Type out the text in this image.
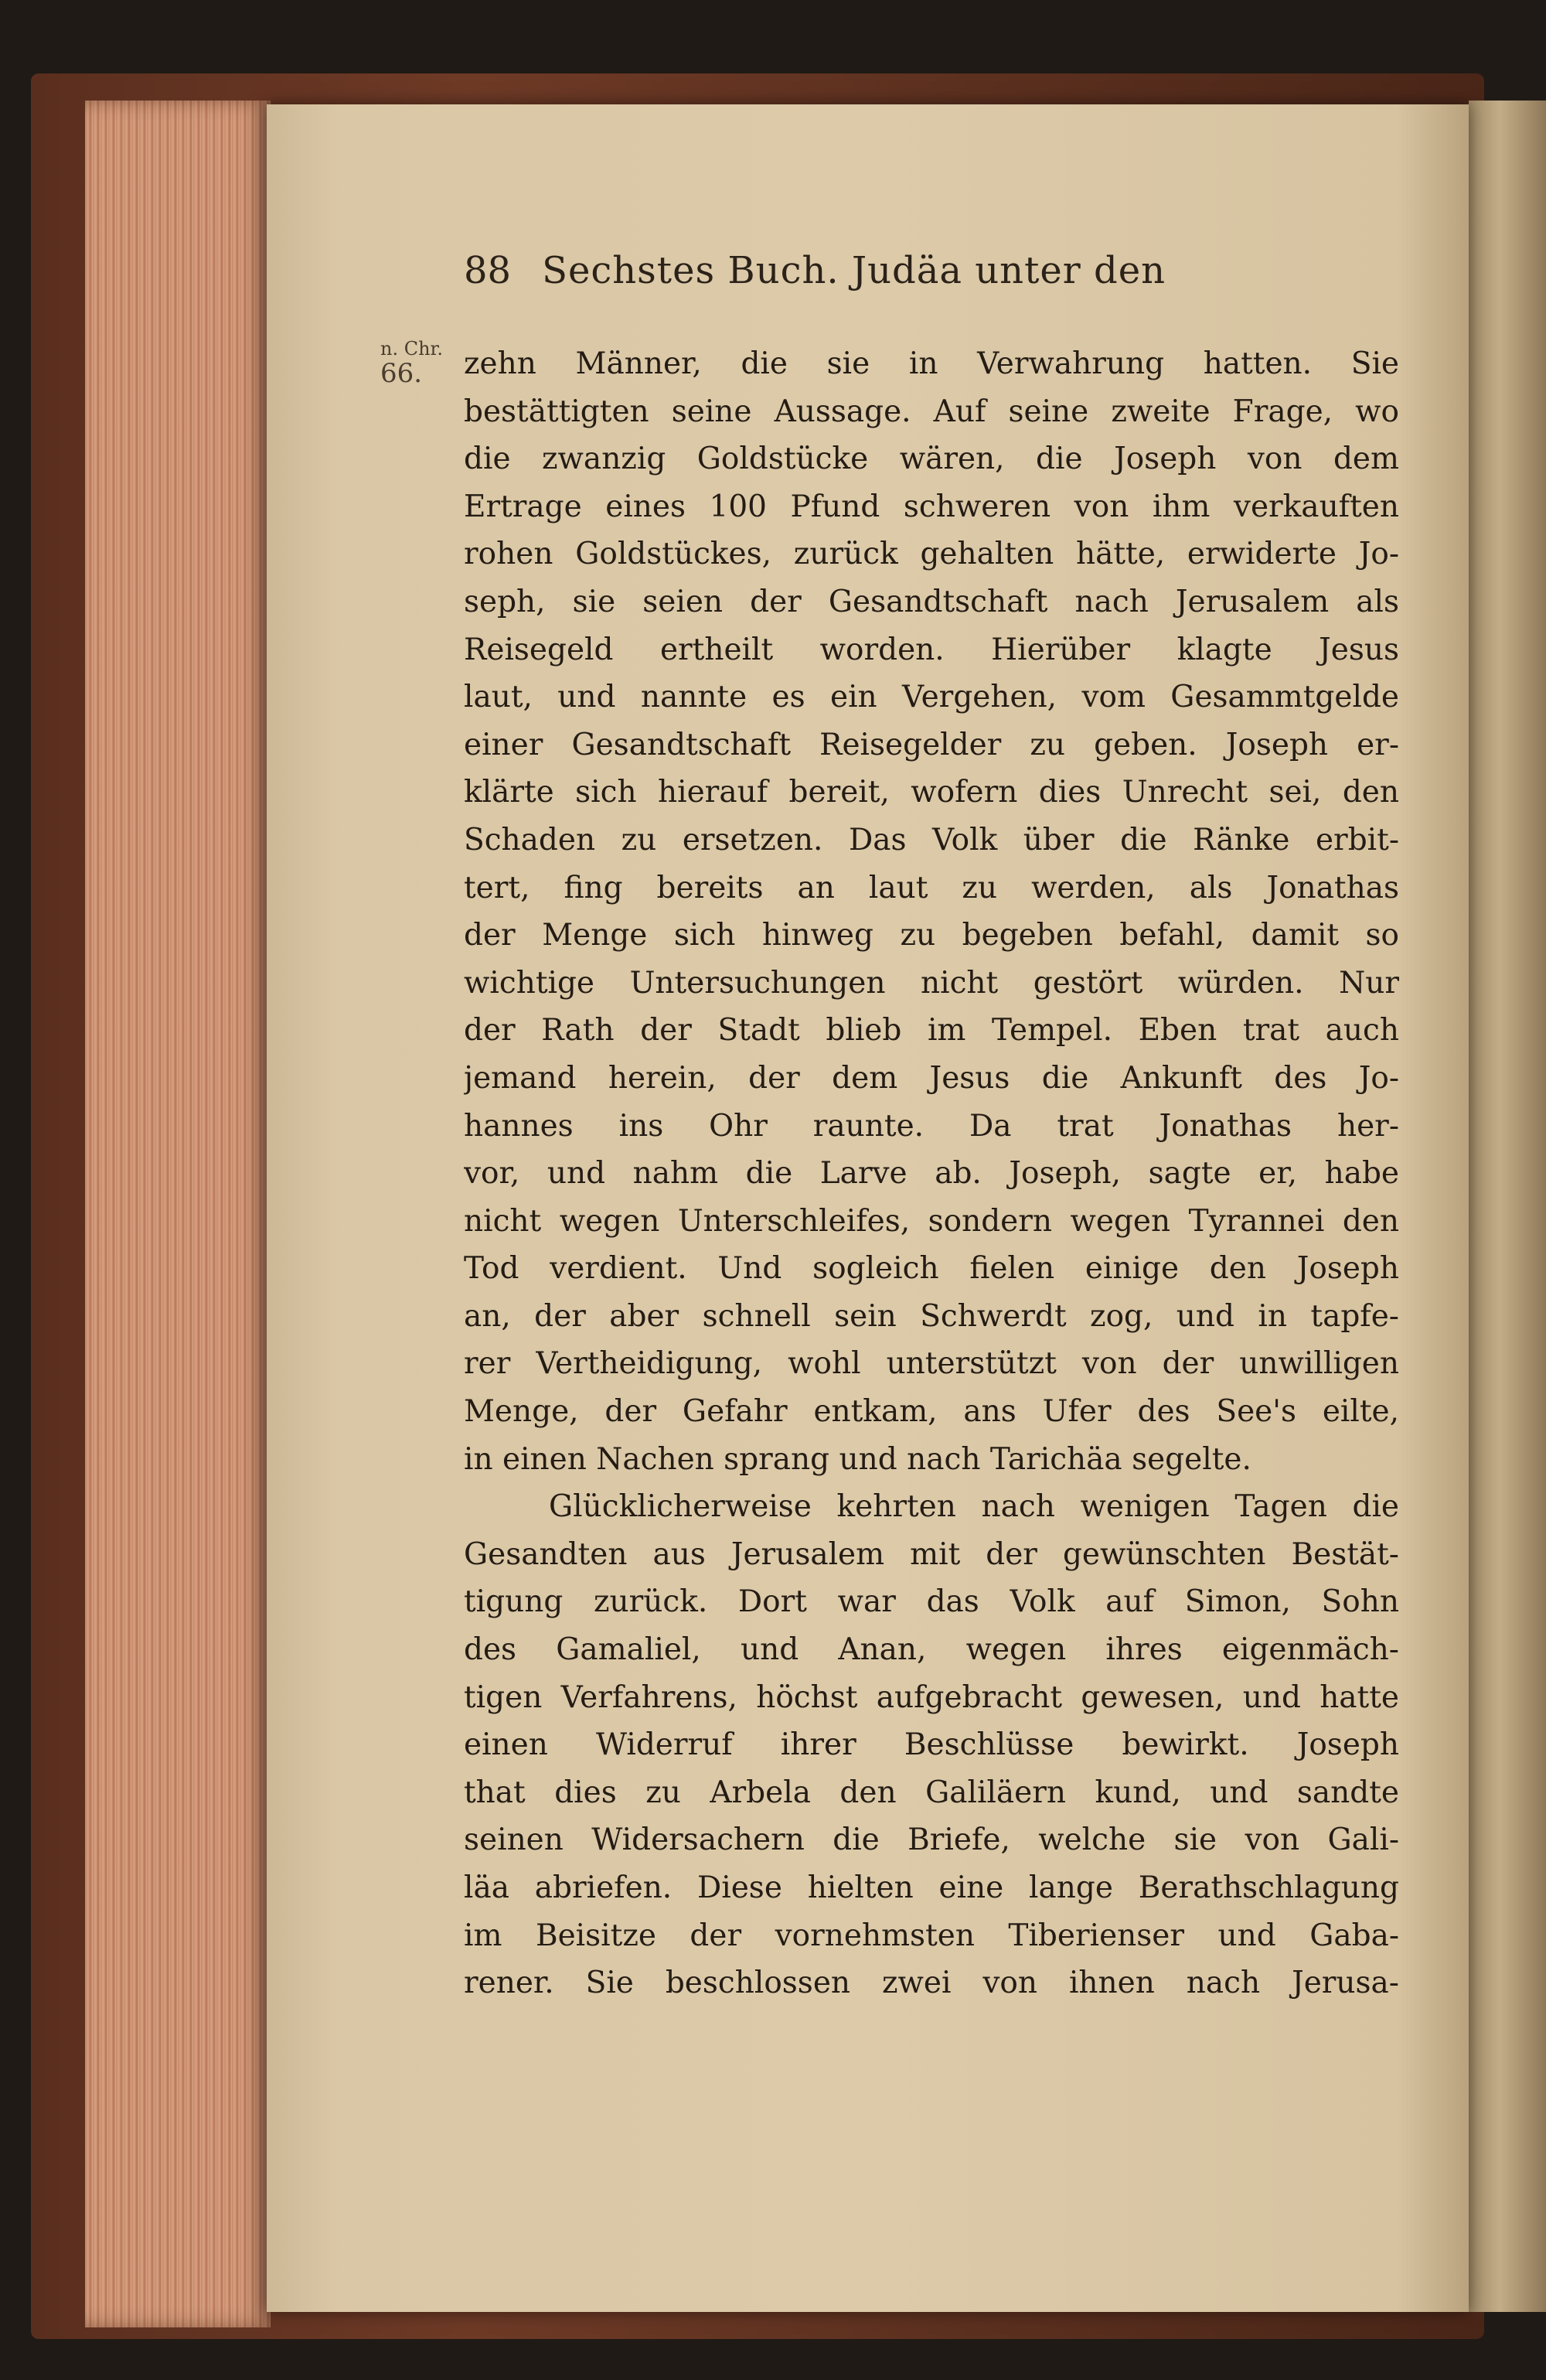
88 Sechstes Buch. Judäa unter den
n. Chr.
66.	zehn Männer, die sie in Verwahrung hatten. Sie
bestättigten seine Aussage. Auf seine zweite Frage, wo
die zwanzig Goldstücke wären, die Joseph von dem
Ertrage eines 100 Pfund schweren von ihm verkauften
rohen Goldstückes, zurück gehalten hätte, erwiderte Jo-
seph, sie seien der Gesandtschaft nach Jerusalem als
Reisegeld ertheilt worden. Hierüber klagte Jesus
laut, und nannte es ein Vergehen, vom Gesammtgelde
einer Gesandtschaft Reisegelder zu geben. Joseph er-
klärte sich hierauf bereit, wofern dies Unrecht sei, den
Schaden zu ersetzen. Das Volk über die Ränke erbit-
tert, fing bereits an laut zu werden, als Jonathas
der Menge sich hinweg zu begeben befahl, damit so
wichtige Untersuchungen nicht gestört würden. Nur
der Rath der Stadt blieb im Tempel. Eben trat auch
jemand herein, der dem Jesus die Ankunft des Jo-
hannes ins Ohr raunte. Da trat Jonathas her-
vor, und nahm die Larve ab. Joseph, sagte er, habe
nicht wegen Unterschleifes, sondern wegen Tyrannei den
Tod verdient. Und sogleich fielen einige den Joseph
an, der aber schnell sein Schwerdt zog, und in tapfe-
rer Vertheidigung, wohl unterstützt von der unwilligen
Menge, der Gefahr entkam, ans Ufer des See's eilte,
in einen Nachen sprang und nach Tarichäa segelte.
Glücklicherweise kehrten nach wenigen Tagen die
Gesandten aus Jerusalem mit der gewünschten Bestät-
tigung zurück. Dort war das Volk auf Simon, Sohn
des Gamaliel, und Anan, wegen ihres eigenmäch-
tigen Verfahrens, höchst aufgebracht gewesen, und hatte
einen Widerruf ihrer Beschlüsse bewirkt. Joseph
that dies zu Arbela den Galiläern kund, und sandte
seinen Widersachern die Briefe, welche sie von Gali-
läa abriefen. Diese hielten eine lange Berathschlagung
im Beisitze der vornehmsten Tiberienser und Gaba-
rener. Sie beschlossen zwei von ihnen nach Jerusa-
